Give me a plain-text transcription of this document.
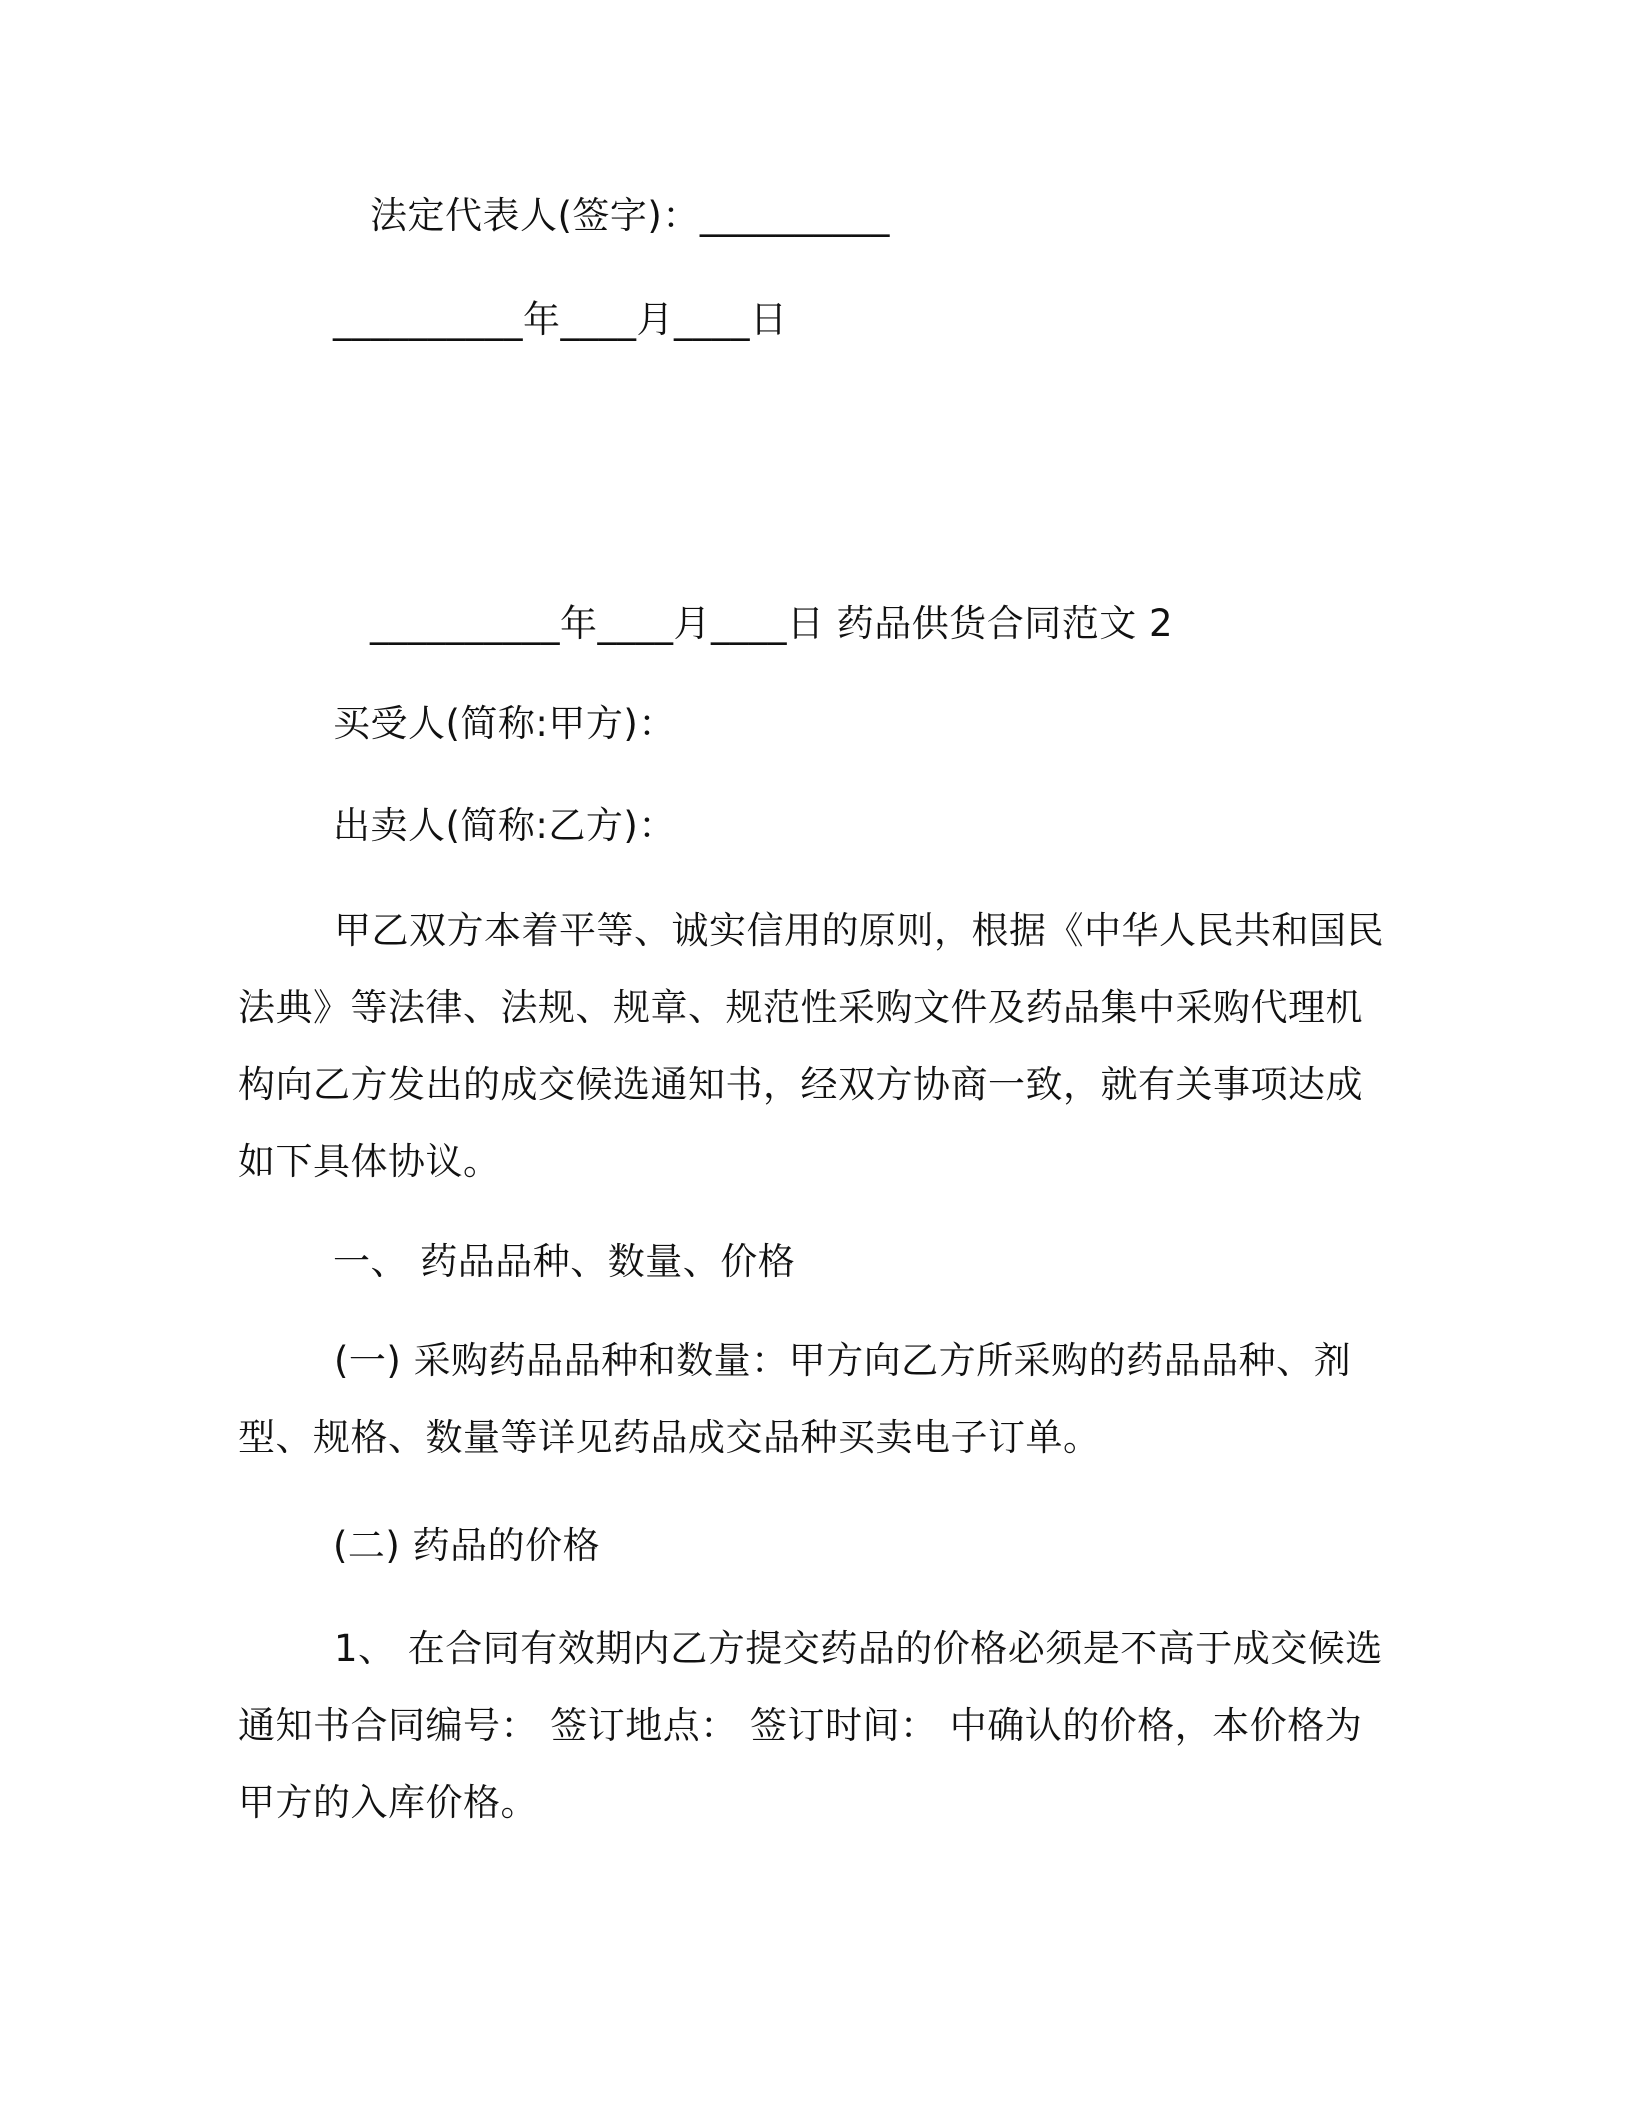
法定代表人(签字)：__________
__________年____月____日
__________年____月____日 药品供货合同范文 2
买受人(简称:甲方)：
出卖人(简称:乙方)：

甲乙双方本着平等、诚实信用的原则，根据《中华人民共和国民法典》等法律、法规、规章、规范性采购文件及药品集中采购代理机构向乙方发出的成交候选通知书，经双方协商一致，就有关事项达成如下具体协议。

一、 药品品种、数量、价格

(一) 采购药品品种和数量：甲方向乙方所采购的药品品种、剂型、规格、数量等详见药品成交品种买卖电子订单。

(二) 药品的价格

1、 在合同有效期内乙方提交药品的价格必须是不高于成交候选通知书合同编号： 签订地点： 签订时间： 中确认的价格，本价格为甲方的入库价格。
